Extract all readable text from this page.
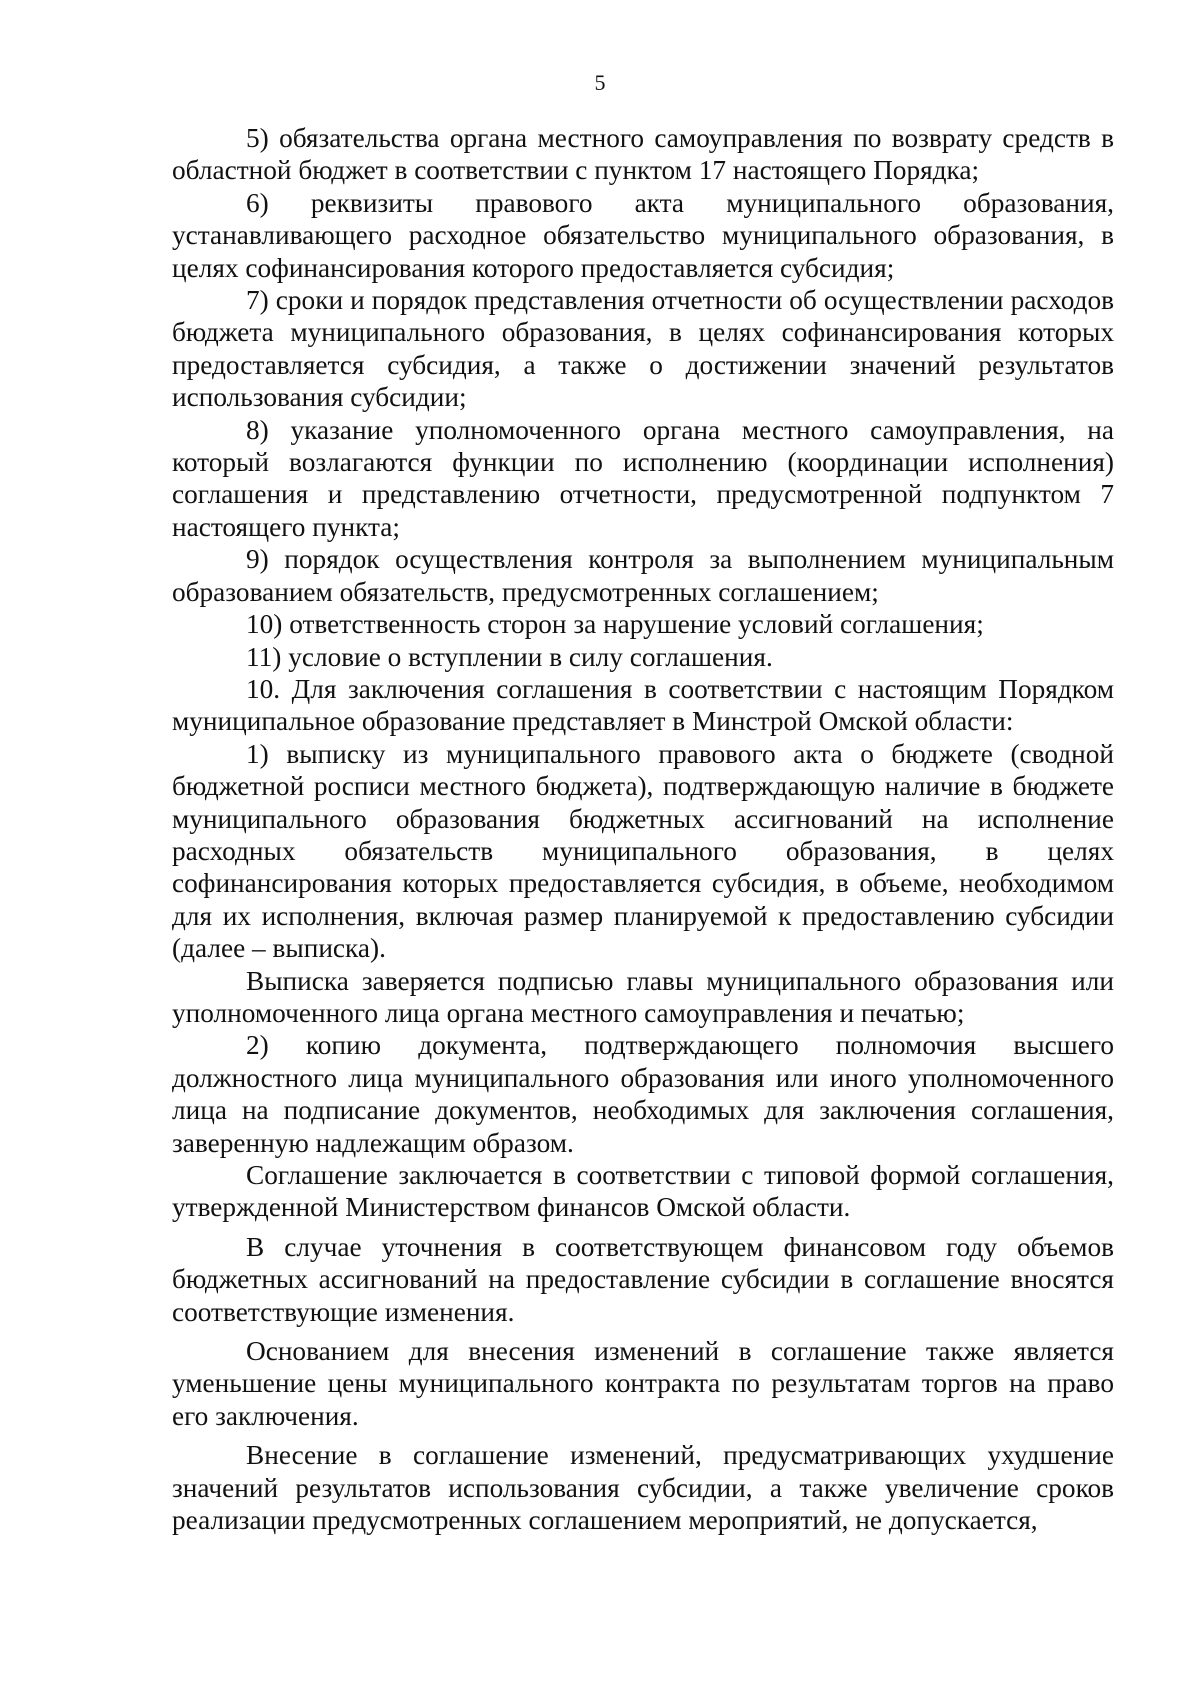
5

5) обязательства органа местного самоуправления по возврату средств в областной бюджет в соответствии с пунктом 17 настоящего Порядка;

6) реквизиты правового акта муниципального образования, устанавливающего расходное обязательство муниципального образования, в целях софинансирования которого предоставляется субсидия;

7) сроки и порядок представления отчетности об осуществлении расходов бюджета муниципального образования, в целях софинансирования которых предоставляется субсидия, а также о достижении значений результатов использования субсидии;

8) указание уполномоченного органа местного самоуправления, на который возлагаются функции по исполнению (координации исполнения) соглашения и представлению отчетности, предусмотренной подпунктом 7 настоящего пункта;

9) порядок осуществления контроля за выполнением муниципальным образованием обязательств, предусмотренных соглашением;

10) ответственность сторон за нарушение условий соглашения;

11) условие о вступлении в силу соглашения.

10. Для заключения соглашения в соответствии с настоящим Порядком муниципальное образование представляет в Минстрой Омской области:

1) выписку из муниципального правового акта о бюджете (сводной бюджетной росписи местного бюджета), подтверждающую наличие в бюджете муниципального образования бюджетных ассигнований на исполнение расходных обязательств муниципального образования, в целях софинансирования которых предоставляется субсидия, в объеме, необходимом для их исполнения, включая размер планируемой к предоставлению субсидии (далее – выписка).

Выписка заверяется подписью главы муниципального образования или уполномоченного лица органа местного самоуправления и печатью;

2) копию документа, подтверждающего полномочия высшего должностного лица муниципального образования или иного уполномоченного лица на подписание документов, необходимых для заключения соглашения, заверенную надлежащим образом.

Соглашение заключается в соответствии с типовой формой соглашения, утвержденной Министерством финансов Омской области.

В случае уточнения в соответствующем финансовом году объемов бюджетных ассигнований на предоставление субсидии в соглашение вносятся соответствующие изменения.

Основанием для внесения изменений в соглашение также является уменьшение цены муниципального контракта по результатам торгов на право его заключения.

Внесение в соглашение изменений, предусматривающих ухудшение значений результатов использования субсидии, а также увеличение сроков реализации предусмотренных соглашением мероприятий, не допускается,
